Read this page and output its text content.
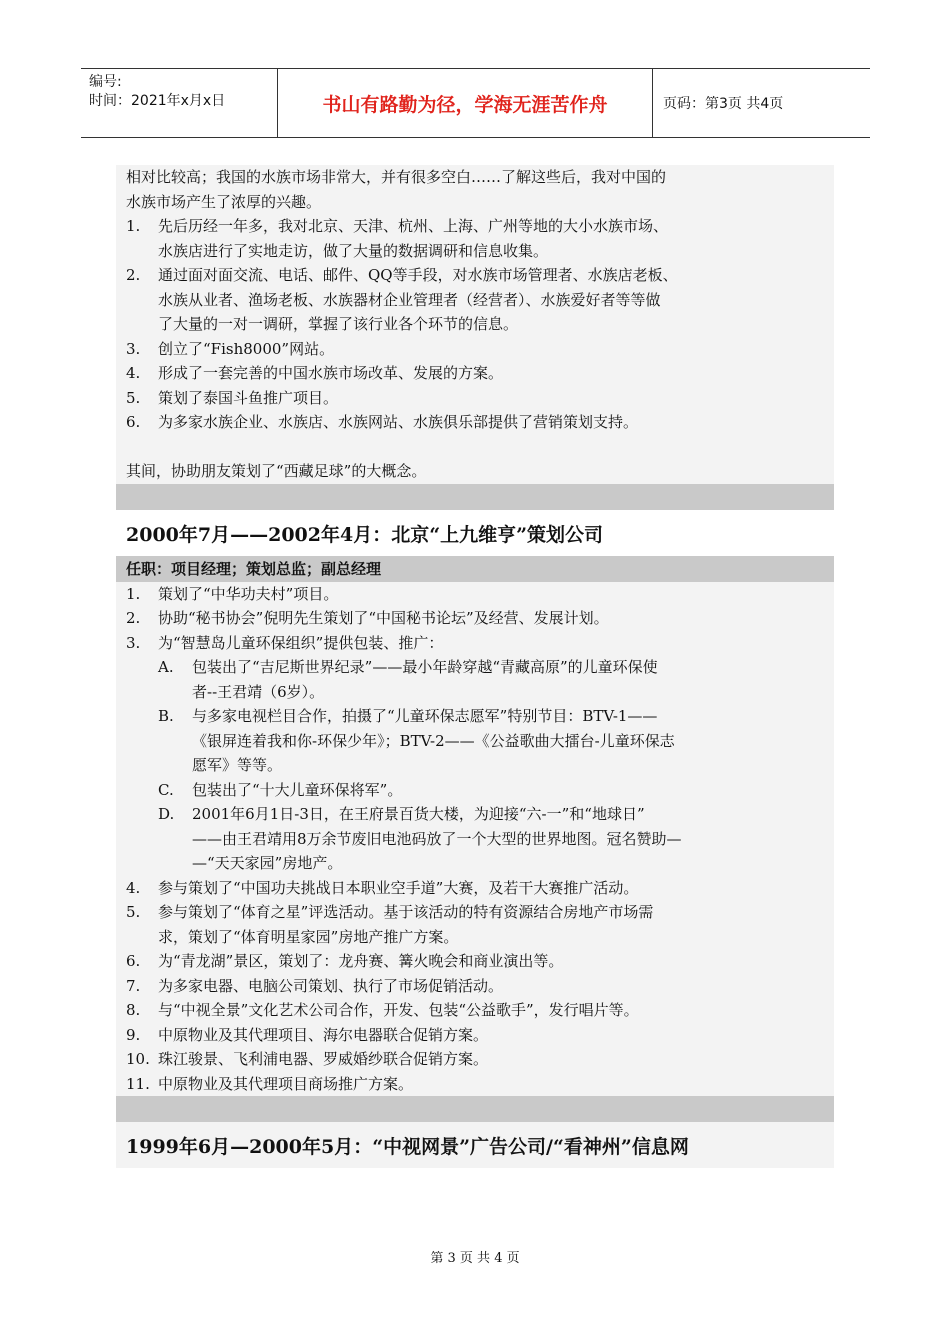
编号:
时间：2021年x月x日	书山有路勤为径，学海无涯苦作舟	页码：第3页 共4页
相对比较高；我国的水族市场非常大，并有很多空白……了解这些后，我对中国的
水族市场产生了浓厚的兴趣。
1.	先后历经一年多，我对北京、天津、杭州、上海、广州等地的大小水族市场、
水族店进行了实地走访，做了大量的数据调研和信息收集。
2.	通过面对面交流、电话、邮件、QQ等手段，对水族市场管理者、水族店老板、
水族从业者、渔场老板、水族器材企业管理者（经营者）、水族爱好者等等做
了大量的一对一调研，掌握了该行业各个环节的信息。
3.	创立了“Fish8000”网站。
4.	形成了一套完善的中国水族市场改革、发展的方案。
5.	策划了泰国斗鱼推广项目。
6.	为多家水族企业、水族店、水族网站、水族俱乐部提供了营销策划支持。
其间，协助朋友策划了“西藏足球”的大概念。
2000年7月——2002年4月：北京“上九维亨”策划公司
任职：项目经理；策划总监；副总经理
1.	策划了“中华功夫村”项目。
2.	协助“秘书协会”倪明先生策划了“中国秘书论坛”及经营、发展计划。
3.	为“智慧岛儿童环保组织”提供包装、推广：
A.	包装出了“吉尼斯世界纪录”——最小年龄穿越“青藏高原”的儿童环保使
者--王君靖（6岁）。
B.	与多家电视栏目合作，拍摄了“儿童环保志愿军”特别节目：BTV-1——
《银屏连着我和你-环保少年》；BTV-2——《公益歌曲大擂台-儿童环保志
愿军》等等。
C.	包装出了“十大儿童环保将军”。
D.	2001年6月1日-3日，在王府景百货大楼，为迎接“六-一”和“地球日”
——由王君靖用8万余节废旧电池码放了一个大型的世界地图。冠名赞助—
—“天天家园”房地产。
4.	参与策划了“中国功夫挑战日本职业空手道”大赛，及若干大赛推广活动。
5.	参与策划了“体育之星”评选活动。基于该活动的特有资源结合房地产市场需
求，策划了“体育明星家园”房地产推广方案。
6.	为“青龙湖”景区，策划了：龙舟赛、篝火晚会和商业演出等。
7.	为多家电器、电脑公司策划、执行了市场促销活动。
8.	与“中视全景”文化艺术公司合作，开发、包装“公益歌手”，发行唱片等。
9.	中原物业及其代理项目、海尔电器联合促销方案。
10. 珠江骏景、飞利浦电器、罗威婚纱联合促销方案。
11. 中原物业及其代理项目商场推广方案。
1999年6月—2000年5月：“中视网景”广告公司/“看神州”信息网
第 3 页 共 4 页
